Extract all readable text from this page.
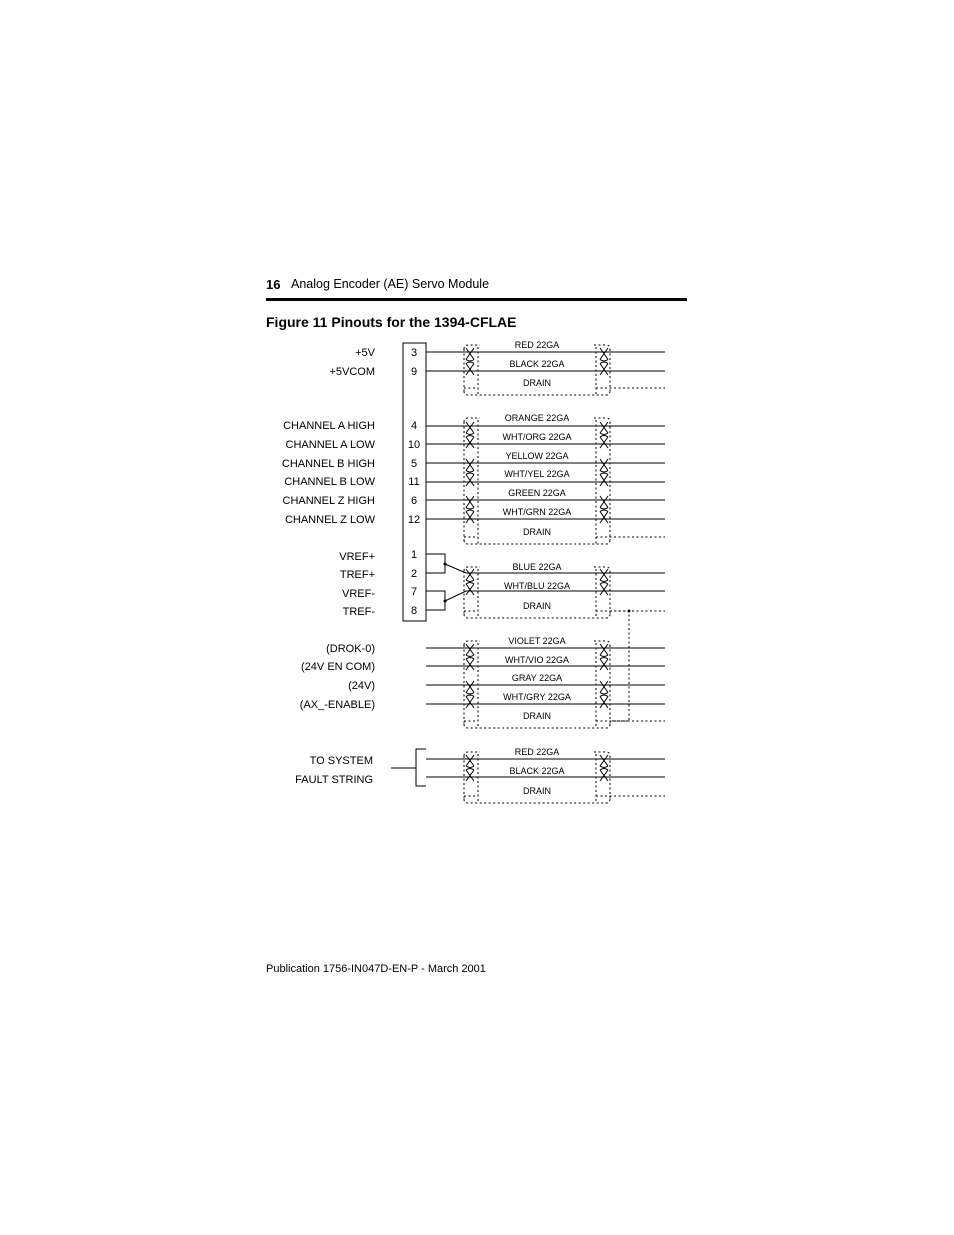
16 Analog Encoder (AE) Servo Module
Figure 11 Pinouts for the 1394-CFLAE
+5V
+5VCOM
3
9
RED 22GA
BLACK 22GA
DRAIN
CHANNEL A HIGH
CHANNEL A LOW
CHANNEL B HIGH
CHANNEL B LOW
CHANNEL Z HIGH
CHANNEL Z LOW
4
10
5
11
6
12
ORANGE 22GA
WHT/ORG 22GA
YELLOW 22GA
WHT/YEL 22GA
GREEN 22GA
WHT/GRN 22GA
DRAIN
VREF+
TREF+
VREF-
TREF-
1
2
7
8
BLUE 22GA
WHT/BLU 22GA
DRAIN
(DROK-0)
(24V EN COM)
(24V)
(AX_-ENABLE)
VIOLET 22GA
WHT/VIO 22GA
GRAY 22GA
WHT/GRY 22GA
DRAIN
TO SYSTEM
FAULT STRING
RED 22GA
BLACK 22GA
DRAIN
Publication 1756-IN047D-EN-P - March 2001
